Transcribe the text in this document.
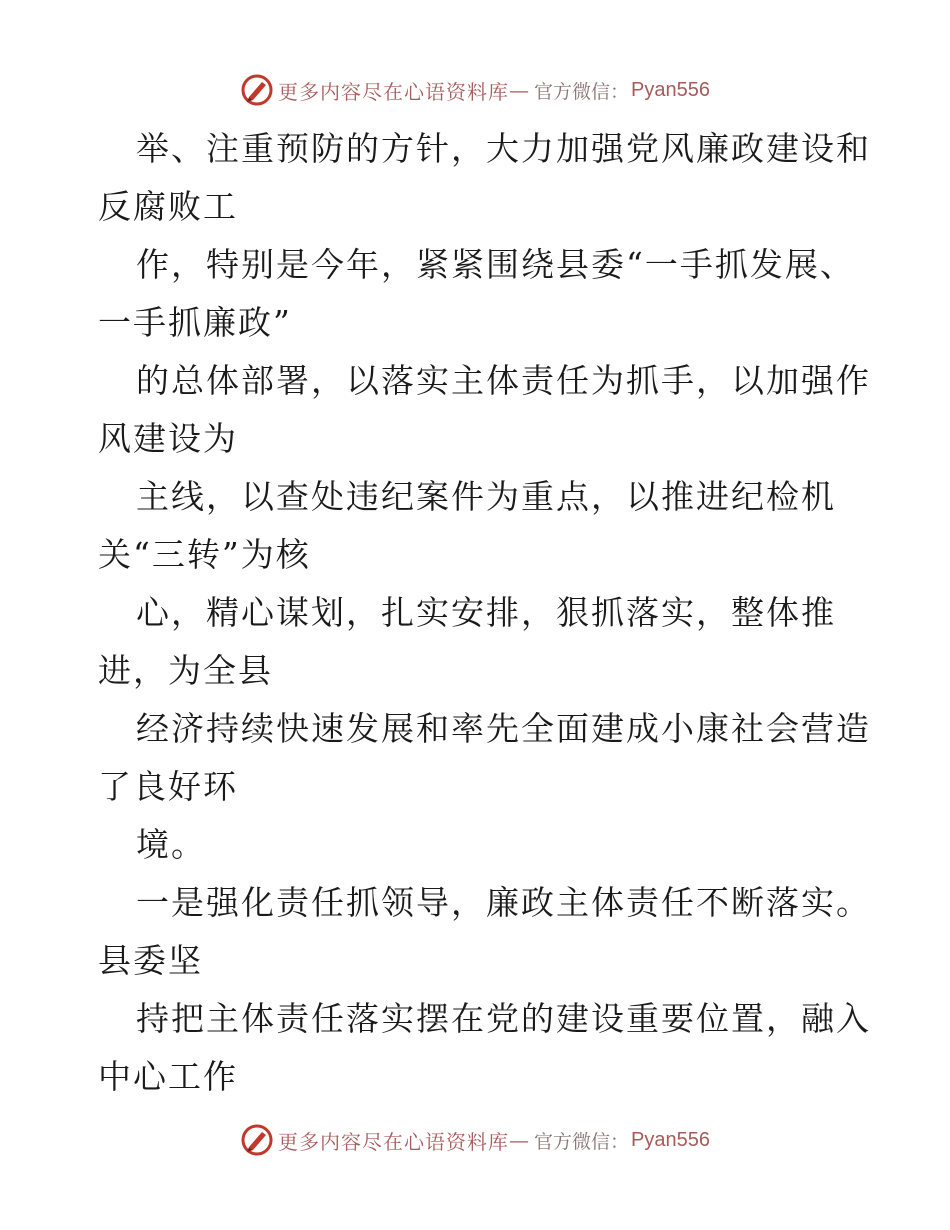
更多内容尽在心语资料库 — 官方微信： Pyan556
举、注重预防的方针，大力加强党风廉政建设和
反腐败工
作，特别是今年，紧紧围绕县委“一手抓发展、
一手抓廉政”
的总体部署，以落实主体责任为抓手，以加强作
风建设为
主线，以查处违纪案件为重点，以推进纪检机
关“三转”为核
心，精心谋划，扎实安排，狠抓落实，整体推
进，为全县
经济持续快速发展和率先全面建成小康社会营造
了良好环
境。
一是强化责任抓领导，廉政主体责任不断落实。
县委坚
持把主体责任落实摆在党的建设重要位置，融入
中心工作
更多内容尽在心语资料库 — 官方微信： Pyan556
